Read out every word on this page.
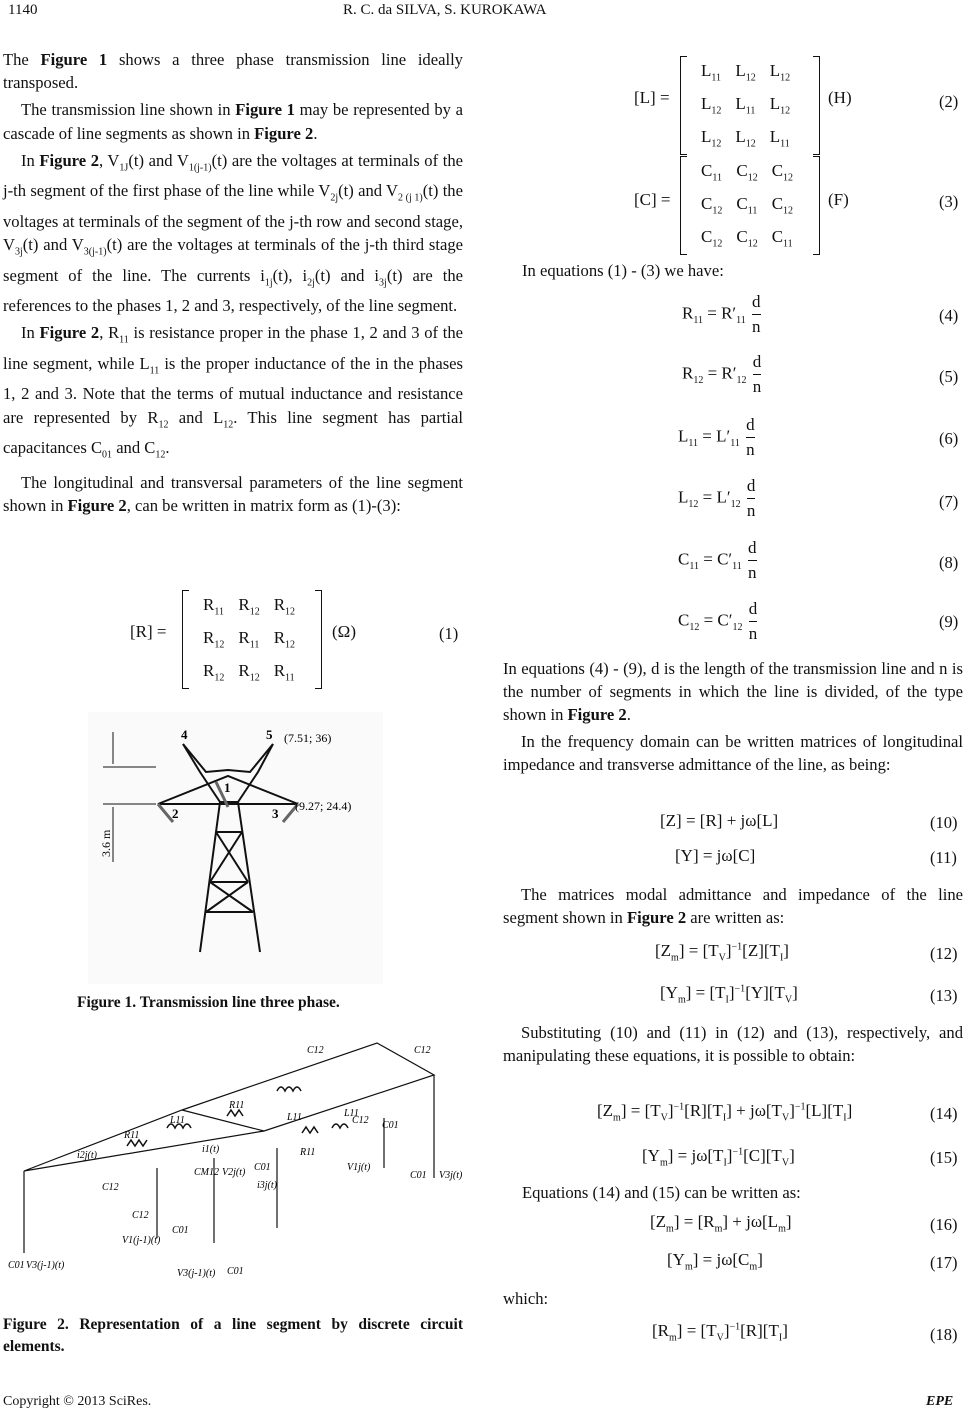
1140	R. C. da SILVA, S. KUROKAWA

The Figure 1 shows a three phase transmission line ideally transposed.

The transmission line shown in Figure 1 may be represented by a cascade of line segments as shown in Figure 2.

In Figure 2, $V_{1J}(t)$ and $V_{1(j-1)}(t)$ are the voltages at terminals of the j-th segment of the first phase of the line while $V_{2j}(t)$ and $V_{2 (j 1)}(t)$ the voltages at terminals of the segment of the j-th row and second stage, $V_{3j}(t)$ and $V_{3(j-1)}(t)$ are the voltages at terminals of the j-th third stage segment of the line. The currents $i_{1j}(t)$, $i_{2j}(t)$ and $i_{3j}(t)$ are the references to the phases 1, 2 and 3, respectively, of the line segment.

In Figure 2, $R_{11}$ is resistance proper in the phase 1, 2 and 3 of the line segment, while $L_{11}$ is the proper inductance of the in the phases 1, 2 and 3. Note that the terms of mutual inductance and resistance are represented by $R_{12}$ and $L_{12}$. This line segment has partial capacitances $C_{01}$ and $C_{12}$.

The longitudinal and transversal parameters of the line segment shown in Figure 2, can be written in matrix form as (1)-(3):

[R] =
$R_{11}$	$R_{12}$	$R_{12}$
$R_{12}$	$R_{11}$	$R_{12}$
$R_{12}$	$R_{12}$	$R_{11}$
(Ω)	(1)
3.6 m
4	5
1
2	3
(7.51; 36)
(9.27; 24.4)
Figure 1. Transmission line three phase.
C12	C12
L11	L11	L11
R11
R11
R11
C12 C01
i1(t)
i2j(t)
i3j(t)
CM12 V2j(t) C01	V1j(t)
C01 V3j(t)
C12
C12
C01
V1(j-1)(t)
C01 V3(j-1)(t)
V3(j-1)(t) C01
Figure 2. Representation of a line segment by discrete circuit elements.
[L] =
$L_{11}$	$L_{12}$	$L_{12}$
$L_{12}$	$L_{11}$	$L_{12}$
$L_{12}$	$L_{12}$	$L_{11}$
(H)	(2)
[C] =
$C_{11}$	$C_{12}$	$C_{12}$
$C_{12}$	$C_{11}$	$C_{12}$
$C_{12}$	$C_{12}$	$C_{11}$
(F)	(3)
In equations (1) - (3) we have:
$R_{11} = R'_{11} \frac{d}{n}$	(4)
$R_{12} = R'_{12} \frac{d}{n}$	(5)
$L_{11} = L'_{11} \frac{d}{n}$	(6)
$L_{12} = L'_{12} \frac{d}{n}$	(7)
$C_{11} = C'_{11} \frac{d}{n}$	(8)
$C_{12} = C'_{12} \frac{d}{n}$	(9)
In equations (4) - (9), d is the length of the transmission line and n is the number of segments in which the line is divided, of the type shown in Figure 2.
In the frequency domain can be written matrices of longitudinal impedance and transverse admittance of the line, as being:
[Z] = [R] + jω[L]	(10)
[Y] = jω[C]	(11)
The matrices modal admittance and impedance of the line segment shown in Figure 2 are written as:
$[Z_m] = [T_V]^{-1}[Z][T_I]$	(12)
$[Y_m] = [T_I]^{-1}[Y][T_V]$	(13)
Substituting (10) and (11) in (12) and (13), respectively, and manipulating these equations, it is possible to obtain:
$[Z_m] = [T_V]^{-1}[R][T_I] + j\omega[T_V]^{-1}[L][T_I]$	(14)
$[Y_m] = j\omega[T_I]^{-1}[C][T_V]$	(15)
Equations (14) and (15) can be written as:
$[Z_m] = [R_m] + j\omega[L_m]$	(16)
$[Y_m] = j\omega[C_m]$	(17)
which:
$[R_m] = [T_V]^{-1}[R][T_I]$	(18)
Copyright © 2013 SciRes.	EPE
